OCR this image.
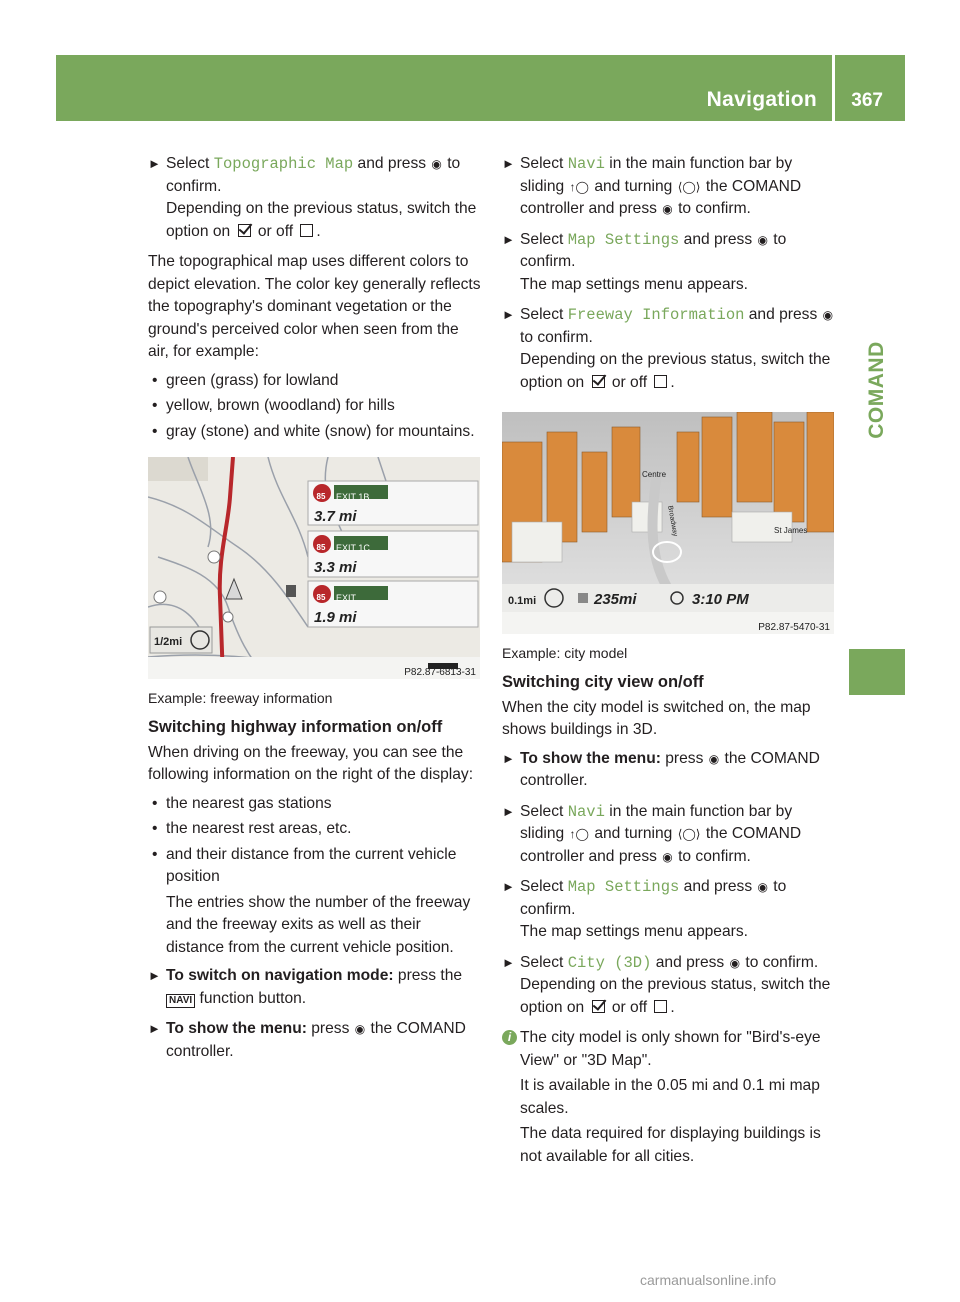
Navigation 367
COMAND
► Select Topographic Map and press ◉ to confirm.
Depending on the previous status, switch the option on  or off .

The topographical map uses different colors to depict elevation. The color key generally reflects the topography's dominant vegetation or the ground's perceived color when seen from the air, for example:

• green (grass) for lowland
• yellow, brown (woodland) for hills
• gray (stone) and white (snow) for mountains.
85	EXIT 1B
3.7 mi
85	EXIT 1C
3.3 mi
85	EXIT
1.9 mi
1/2mi
P82.87-6813-31

Example: freeway information

Switching highway information on/off

When driving on the freeway, you can see the following information on the right of the display:

• the nearest gas stations
• the nearest rest areas, etc.
• and their distance from the current vehicle position

The entries show the number of the freeway and the freeway exits as well as their distance from the current vehicle position.

► To switch on navigation mode: press the NAVI function button.

► To show the menu: press ◉ the COMAND controller.

► Select Navi in the main function bar by sliding ↑◯ and turning ⟨◯⟩ the COMAND controller and press ◉ to confirm.

► Select Map Settings and press ◉ to confirm.
The map settings menu appears.

► Select Freeway Information and press ◉ to confirm.
Depending on the previous status, switch the option on  or off .

Centre
St James
Broadway
0.1mi	235mi	3:10 PM
P82.87-5470-31

Example: city model

Switching city view on/off

When the city model is switched on, the map shows buildings in 3D.

► To show the menu: press ◉ the COMAND controller.

► Select Navi in the main function bar by sliding ↑◯ and turning ⟨◯⟩ the COMAND controller and press ◉ to confirm.

► Select Map Settings and press ◉ to confirm.
The map settings menu appears.

► Select City (3D) and press ◉ to confirm.
Depending on the previous status, switch the option on  or off .

i The city model is only shown for "Bird's-eye View" or "3D Map".

It is available in the 0.05 mi and 0.1 mi map scales.

The data required for displaying buildings is not available for all cities.

carmanualsonline.info
